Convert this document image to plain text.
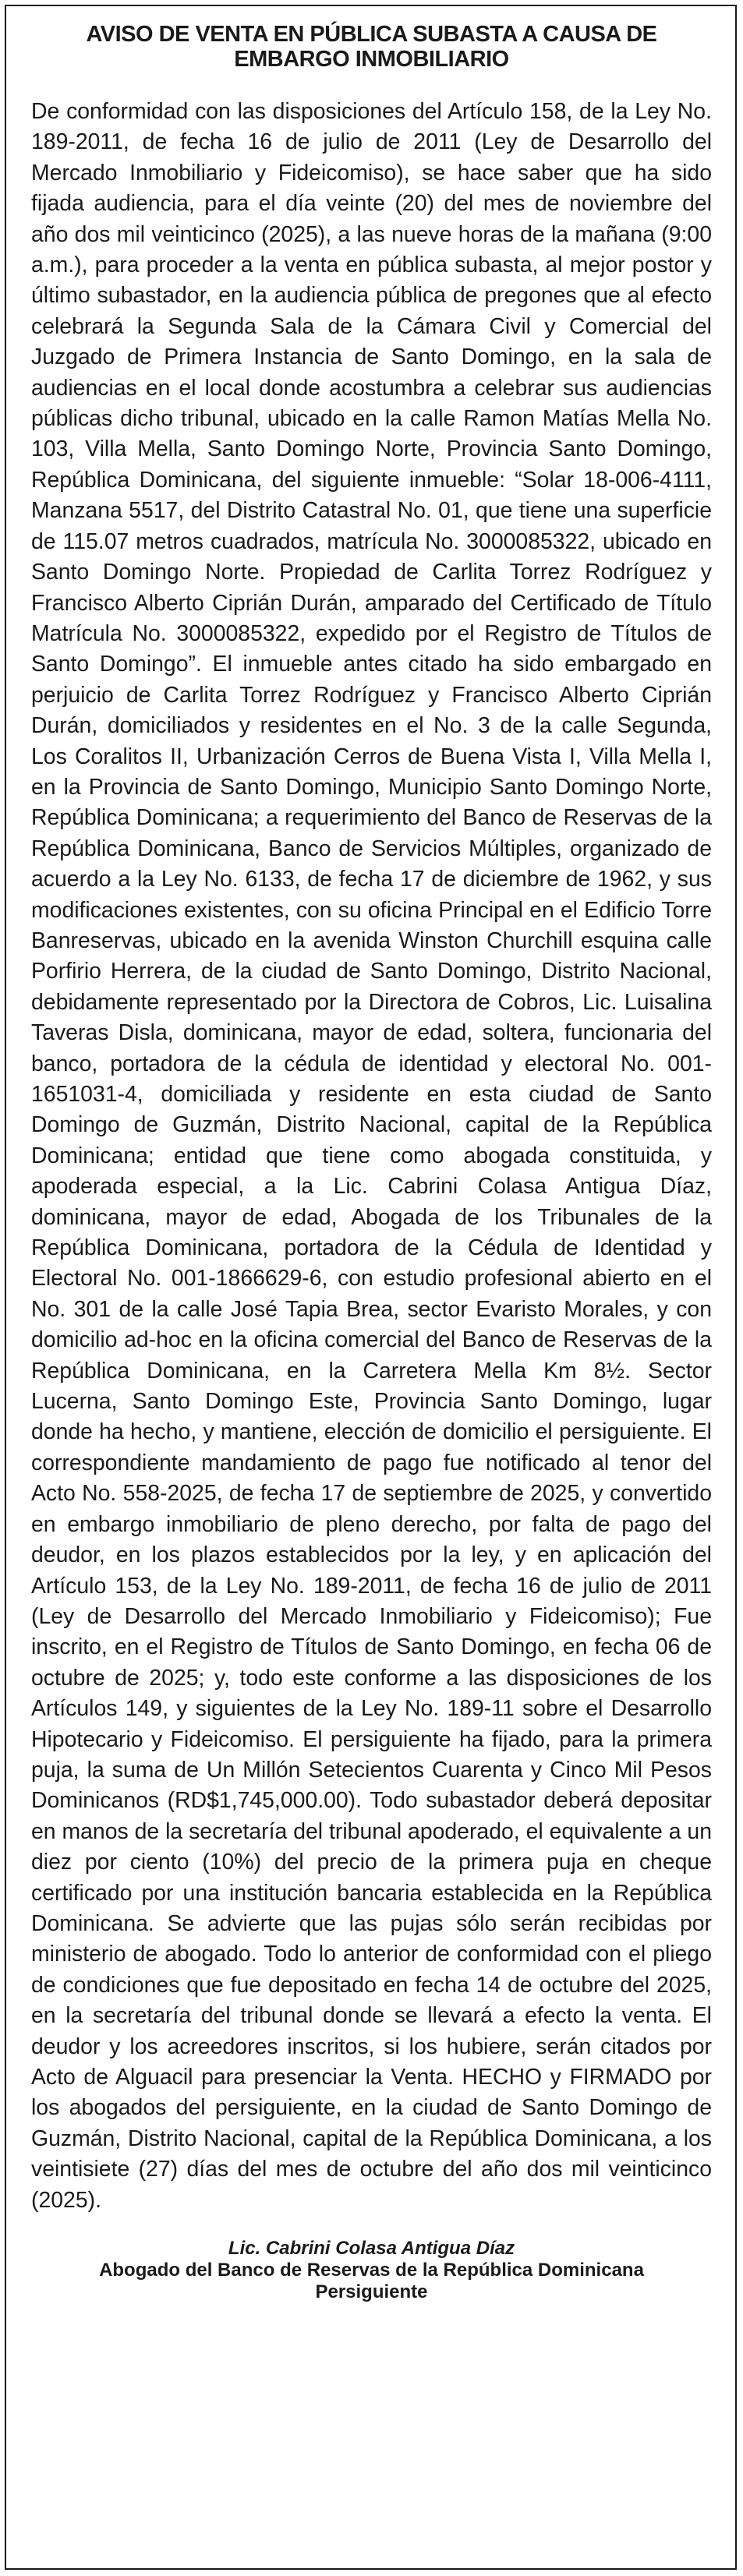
AVISO DE VENTA EN PÚBLICA SUBASTA A CAUSA DE EMBARGO INMOBILIARIO

De conformidad con las disposiciones del Artículo 158, de la Ley No. 189-2011, de fecha 16 de julio de 2011 (Ley de Desarrollo del Mercado Inmobiliario y Fideicomiso), se hace saber que ha sido fijada audiencia, para el día veinte (20) del mes de noviembre del año dos mil veinticinco (2025), a las nueve horas de la mañana (9:00 a.m.), para proceder a la venta en pública subasta, al mejor postor y último subastador, en la audiencia pública de pregones que al efecto celebrará la Segunda Sala de la Cámara Civil y Comercial del Juzgado de Primera Instancia de Santo Domingo, en la sala de audiencias en el local donde acostumbra a celebrar sus audiencias públicas dicho tribunal, ubicado en la calle Ramon Matías Mella No. 103, Villa Mella, Santo Domingo Norte, Provincia Santo Domingo, República Dominicana, del siguiente inmueble: “Solar 18-006-4111, Manzana 5517, del Distrito Catastral No. 01, que tiene una superficie de 115.07 metros cuadrados, matrícula No. 3000085322, ubicado en Santo Domingo Norte. Propiedad de Carlita Torrez Rodríguez y Francisco Alberto Ciprián Durán, amparado del Certificado de Título Matrícula No. 3000085322, expedido por el Registro de Títulos de Santo Domingo”. El inmueble antes citado ha sido embargado en perjuicio de Carlita Torrez Rodríguez y Francisco Alberto Ciprián Durán, domiciliados y residentes en el No. 3 de la calle Segunda, Los Coralitos II, Urbanización Cerros de Buena Vista I, Villa Mella I, en la Provincia de Santo Domingo, Municipio Santo Domingo Norte, República Dominicana; a requerimiento del Banco de Reservas de la República Dominicana, Banco de Servicios Múltiples, organizado de acuerdo a la Ley No. 6133, de fecha 17 de diciembre de 1962, y sus modificaciones existentes, con su oficina Principal en el Edificio Torre Banreservas, ubicado en la avenida Winston Churchill esquina calle Porfirio Herrera, de la ciudad de Santo Domingo, Distrito Nacional, debidamente representado por la Directora de Cobros, Lic. Luisalina Taveras Disla, dominicana, mayor de edad, soltera, funcionaria del banco, portadora de la cédula de identidad y electoral No. 001-1651031-4, domiciliada y residente en esta ciudad de Santo Domingo de Guzmán, Distrito Nacional, capital de la República Dominicana; entidad que tiene como abogada constituida, y apoderada especial, a la Lic. Cabrini Colasa Antigua Díaz, dominicana, mayor de edad, Abogada de los Tribunales de la República Dominicana, portadora de la Cédula de Identidad y Electoral No. 001-1866629-6, con estudio profesional abierto en el No. 301 de la calle José Tapia Brea, sector Evaristo Morales, y con domicilio ad-hoc en la oficina comercial del Banco de Reservas de la República Dominicana, en la Carretera Mella Km 8½. Sector Lucerna, Santo Domingo Este, Provincia Santo Domingo, lugar donde ha hecho, y mantiene, elección de domicilio el persiguiente. El correspondiente mandamiento de pago fue notificado al tenor del Acto No. 558-2025, de fecha 17 de septiembre de 2025, y convertido en embargo inmobiliario de pleno derecho, por falta de pago del deudor, en los plazos establecidos por la ley, y en aplicación del Artículo 153, de la Ley No. 189-2011, de fecha 16 de julio de 2011 (Ley de Desarrollo del Mercado Inmobiliario y Fideicomiso); Fue inscrito, en el Registro de Títulos de Santo Domingo, en fecha 06 de octubre de 2025; y, todo este conforme a las disposiciones de los Artículos 149, y siguientes de la Ley No. 189-11 sobre el Desarrollo Hipotecario y Fideicomiso. El persiguiente ha fijado, para la primera puja, la suma de Un Millón Setecientos Cuarenta y Cinco Mil Pesos Dominicanos (RD$1,745,000.00). Todo subastador deberá depositar en manos de la secretaría del tribunal apoderado, el equivalente a un diez por ciento (10%) del precio de la primera puja en cheque certificado por una institución bancaria establecida en la República Dominicana. Se advierte que las pujas sólo serán recibidas por ministerio de abogado. Todo lo anterior de conformidad con el pliego de condiciones que fue depositado en fecha 14 de octubre del 2025, en la secretaría del tribunal donde se llevará a efecto la venta. El deudor y los acreedores inscritos, si los hubiere, serán citados por Acto de Alguacil para presenciar la Venta. HECHO y FIRMADO por los abogados del persiguiente, en la ciudad de Santo Domingo de Guzmán, Distrito Nacional, capital de la República Dominicana, a los veintisiete (27) días del mes de octubre del año dos mil veinticinco (2025).

Lic. Cabrini Colasa Antigua Díaz
Abogado del Banco de Reservas de la República Dominicana
Persiguiente
